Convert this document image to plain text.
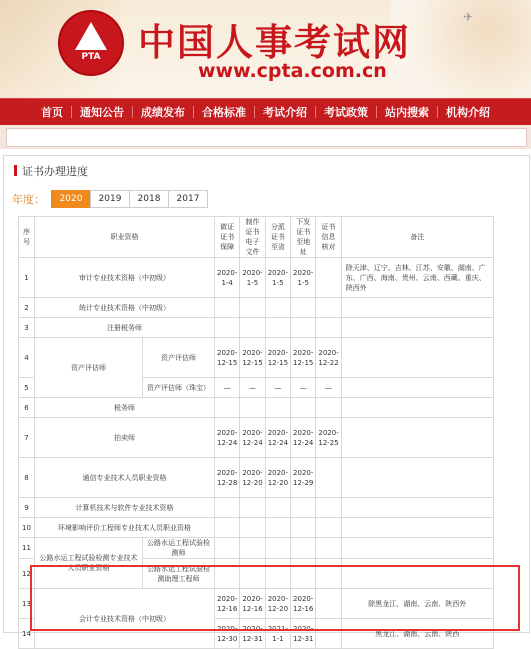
✈
PTA	中国人事考试网
www.cpta.com.cn
首页	通知公告	成绩发布	合格标准	考试介绍	考试政策	站内搜索	机构介绍
证书办理进度
年度：	2020	2019	2018	2017
序号	职业资格		做证证书保障	制作证书电子文件	分派证书至省	下发证书至地址	证书信息核对	备注
1	审计专业技术资格（中初级）		2020-1-4	2020-1-5	2020-1-5	2020-1-5		除天津、辽宁、吉林、江苏、安徽、湖南、广东、广西、海南、贵州、云南、西藏、重庆、陕西外
2	统计专业技术资格（中初级）							
3	注册税务师							
4	资产评估师	资产评估师	2020-12-15	2020-12-15	2020-12-15	2020-12-15	2020-12-22	
5		资产评估师（珠宝）	—	—	—	—	—	
6	税务师							
7	拍卖师		2020-12-24	2020-12-24	2020-12-24	2020-12-24	2020-12-25	
8	通信专业技术人员职业资格		2020-12-28	2020-12-20	2020-12-20	2020-12-29		
9	计算机技术与软件专业技术资格							
10	环境影响评价工程师专业技术人员职业资格							
11	公路水运工程试验检测专业技术人员职业资格	公路水运工程试验检测师						
12		公路水运工程试验检测助理工程师						
13	会计专业技术资格（中初级）		2020-12-16	2020-12-16	2020-12-20	2020-12-16		除黑龙江、湖南、云南、陕西外
14			2020-12-30	2020-12-31	2021-1-1	2020-12-31		黑龙江、湖南、云南、陕西
